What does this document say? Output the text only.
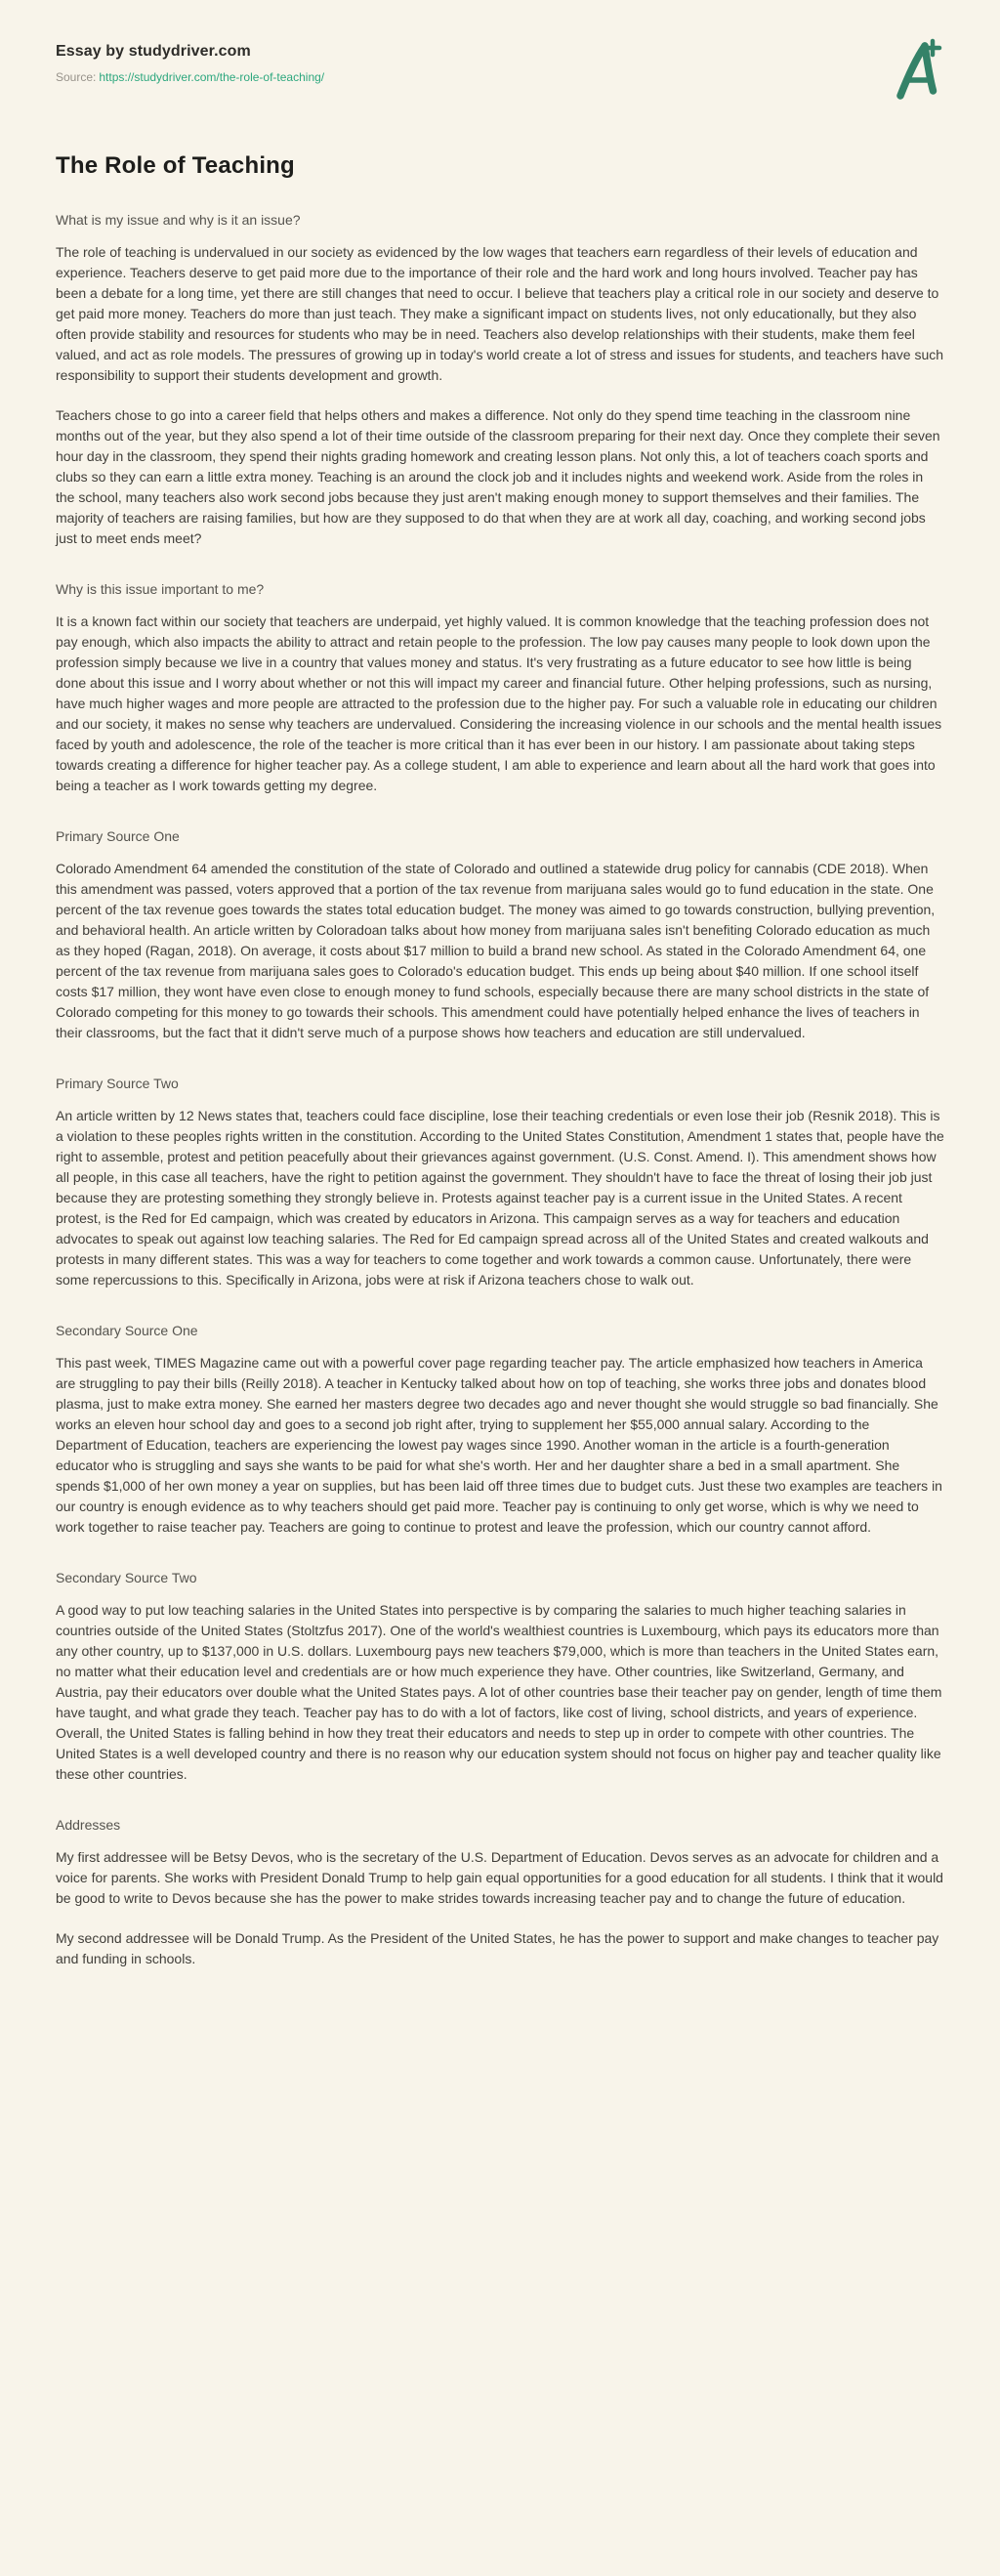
Essay by studydriver.com
Source: https://studydriver.com/the-role-of-teaching/
The Role of Teaching
What is my issue and why is it an issue?

The role of teaching is undervalued in our society as evidenced by the low wages that teachers earn regardless of their levels of education and experience. Teachers deserve to get paid more due to the importance of their role and the hard work and long hours involved. Teacher pay has been a debate for a long time, yet there are still changes that need to occur. I believe that teachers play a critical role in our society and deserve to get paid more money. Teachers do more than just teach. They make a significant impact on students lives, not only educationally, but they also often provide stability and resources for students who may be in need. Teachers also develop relationships with their students, make them feel valued, and act as role models. The pressures of growing up in today's world create a lot of stress and issues for students, and teachers have such responsibility to support their students development and growth.

Teachers chose to go into a career field that helps others and makes a difference. Not only do they spend time teaching in the classroom nine months out of the year, but they also spend a lot of their time outside of the classroom preparing for their next day. Once they complete their seven hour day in the classroom, they spend their nights grading homework and creating lesson plans. Not only this, a lot of teachers coach sports and clubs so they can earn a little extra money. Teaching is an around the clock job and it includes nights and weekend work. Aside from the roles in the school, many teachers also work second jobs because they just aren't making enough money to support themselves and their families. The majority of teachers are raising families, but how are they supposed to do that when they are at work all day, coaching, and working second jobs just to meet ends meet?

Why is this issue important to me?

It is a known fact within our society that teachers are underpaid, yet highly valued. It is common knowledge that the teaching profession does not pay enough, which also impacts the ability to attract and retain people to the profession. The low pay causes many people to look down upon the profession simply because we live in a country that values money and status. It's very frustrating as a future educator to see how little is being done about this issue and I worry about whether or not this will impact my career and financial future. Other helping professions, such as nursing, have much higher wages and more people are attracted to the profession due to the higher pay. For such a valuable role in educating our children and our society, it makes no sense why teachers are undervalued. Considering the increasing violence in our schools and the mental health issues faced by youth and adolescence, the role of the teacher is more critical than it has ever been in our history. I am passionate about taking steps towards creating a difference for higher teacher pay. As a college student, I am able to experience and learn about all the hard work that goes into being a teacher as I work towards getting my degree.

Primary Source One

Colorado Amendment 64 amended the constitution of the state of Colorado and outlined a statewide drug policy for cannabis (CDE 2018). When this amendment was passed, voters approved that a portion of the tax revenue from marijuana sales would go to fund education in the state. One percent of the tax revenue goes towards the states total education budget. The money was aimed to go towards construction, bullying prevention, and behavioral health. An article written by Coloradoan talks about how money from marijuana sales isn't benefiting Colorado education as much as they hoped (Ragan, 2018). On average, it costs about $17 million to build a brand new school. As stated in the Colorado Amendment 64, one percent of the tax revenue from marijuana sales goes to Colorado's education budget. This ends up being about $40 million. If one school itself costs $17 million, they wont have even close to enough money to fund schools, especially because there are many school districts in the state of Colorado competing for this money to go towards their schools. This amendment could have potentially helped enhance the lives of teachers in their classrooms, but the fact that it didn't serve much of a purpose shows how teachers and education are still undervalued.

Primary Source Two

An article written by 12 News states that, teachers could face discipline, lose their teaching credentials or even lose their job (Resnik 2018). This is a violation to these peoples rights written in the constitution. According to the United States Constitution, Amendment 1 states that, people have the right to assemble, protest and petition peacefully about their grievances against government. (U.S. Const. Amend. I). This amendment shows how all people, in this case all teachers, have the right to petition against the government. They shouldn't have to face the threat of losing their job just because they are protesting something they strongly believe in. Protests against teacher pay is a current issue in the United States. A recent protest, is the Red for Ed campaign, which was created by educators in Arizona. This campaign serves as a way for teachers and education advocates to speak out against low teaching salaries. The Red for Ed campaign spread across all of the United States and created walkouts and protests in many different states. This was a way for teachers to come together and work towards a common cause. Unfortunately, there were some repercussions to this. Specifically in Arizona, jobs were at risk if Arizona teachers chose to walk out.

Secondary Source One

This past week, TIMES Magazine came out with a powerful cover page regarding teacher pay. The article emphasized how teachers in America are struggling to pay their bills (Reilly 2018). A teacher in Kentucky talked about how on top of teaching, she works three jobs and donates blood plasma, just to make extra money. She earned her masters degree two decades ago and never thought she would struggle so bad financially. She works an eleven hour school day and goes to a second job right after, trying to supplement her $55,000 annual salary. According to the Department of Education, teachers are experiencing the lowest pay wages since 1990. Another woman in the article is a fourth-generation educator who is struggling and says she wants to be paid for what she's worth. Her and her daughter share a bed in a small apartment. She spends $1,000 of her own money a year on supplies, but has been laid off three times due to budget cuts. Just these two examples are teachers in our country is enough evidence as to why teachers should get paid more. Teacher pay is continuing to only get worse, which is why we need to work together to raise teacher pay. Teachers are going to continue to protest and leave the profession, which our country cannot afford.

Secondary Source Two

A good way to put low teaching salaries in the United States into perspective is by comparing the salaries to much higher teaching salaries in countries outside of the United States (Stoltzfus 2017). One of the world's wealthiest countries is Luxembourg, which pays its educators more than any other country, up to $137,000 in U.S. dollars. Luxembourg pays new teachers $79,000, which is more than teachers in the United States earn, no matter what their education level and credentials are or how much experience they have. Other countries, like Switzerland, Germany, and Austria, pay their educators over double what the United States pays. A lot of other countries base their teacher pay on gender, length of time them have taught, and what grade they teach. Teacher pay has to do with a lot of factors, like cost of living, school districts, and years of experience. Overall, the United States is falling behind in how they treat their educators and needs to step up in order to compete with other countries. The United States is a well developed country and there is no reason why our education system should not focus on higher pay and teacher quality like these other countries.

Addresses

My first addressee will be Betsy Devos, who is the secretary of the U.S. Department of Education. Devos serves as an advocate for children and a voice for parents. She works with President Donald Trump to help gain equal opportunities for a good education for all students. I think that it would be good to write to Devos because she has the power to make strides towards increasing teacher pay and to change the future of education.

My second addressee will be Donald Trump. As the President of the United States, he has the power to support and make changes to teacher pay and funding in schools.
